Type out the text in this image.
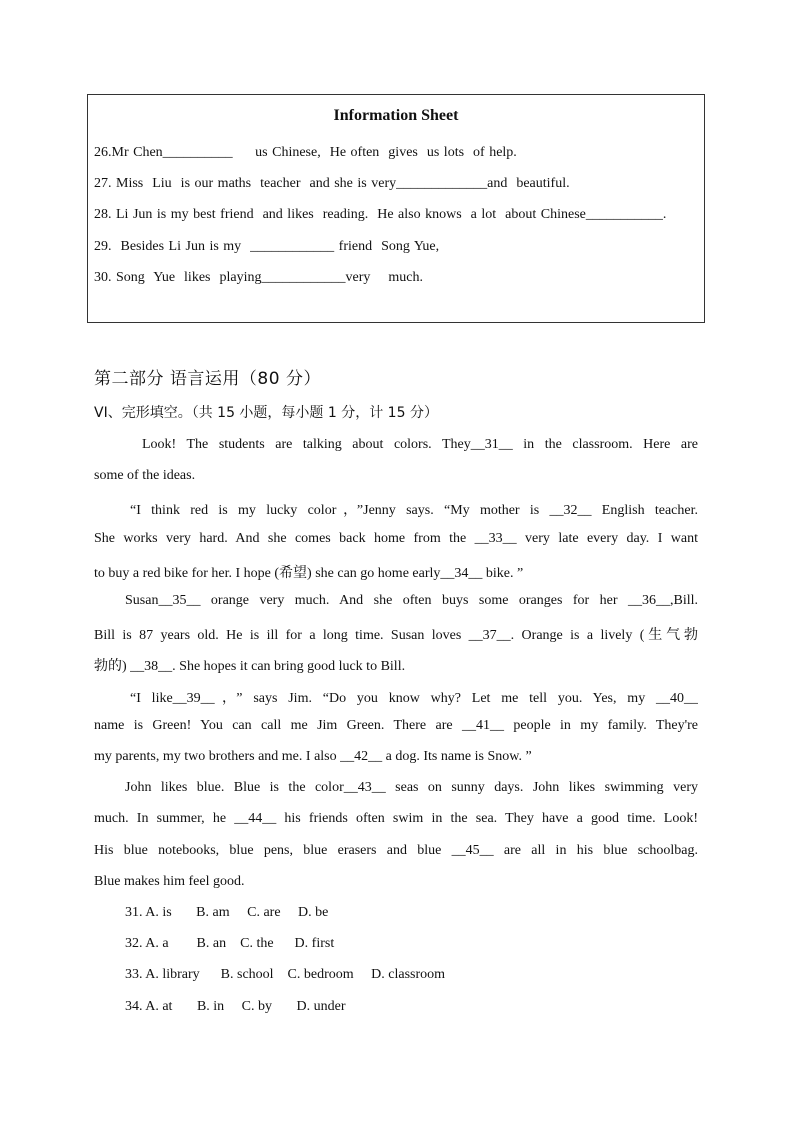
Information Sheet
26.Mr Chen__________     us Chinese,  He often  gives  us lots  of help.
27. Miss  Liu  is our maths  teacher  and she is very_____________and  beautiful.
28. Li Jun is my best friend  and likes  reading.  He also knows  a lot  about Chinese___________.
29.  Besides Li Jun is my  ____________ friend  Song Yue,
30. Song  Yue  likes  playing____________very    much.
第二部分 语言运用（80 分）
VI、完形填空。（共 15 小题，每小题 1 分，计 15 分）
Look! The students are talking about colors. They__31__ in the classroom. Here are
some of the ideas.
“I think red is my lucky color，”Jenny says. “My mother is __32__ English teacher.
She works very hard. And she comes back home from the __33__ very late every day. I want
to buy a red bike for her. I hope (希望) she can go home early__34__ bike. ”
Susan__35__ orange very much. And she often buys some oranges for her __36__,Bill.
Bill is 87 years old. He is ill for a long time. Susan loves __37__. Orange is a lively (生气勃
勃的) __38__. She hopes it can bring good luck to Bill.
“I like__39__，” says Jim. “Do you know why? Let me tell you. Yes, my __40__
name is Green! You can call me Jim Green. There are __41__ people in my family. They're
my parents, my two brothers and me. I also __42__ a dog. Its name is Snow. ”
John likes blue. Blue is the color__43__ seas on sunny days. John likes swimming very
much. In summer, he __44__ his friends often swim in the sea. They have a good time. Look!
His blue notebooks, blue pens, blue erasers and blue __45__ are all in his blue schoolbag.
Blue makes him feel good.
31. A. is       B. am     C. are     D. be
32. A. a        B. an    C. the      D. first
33. A. library      B. school    C. bedroom     D. classroom
34. A. at       B. in     C. by       D. under
